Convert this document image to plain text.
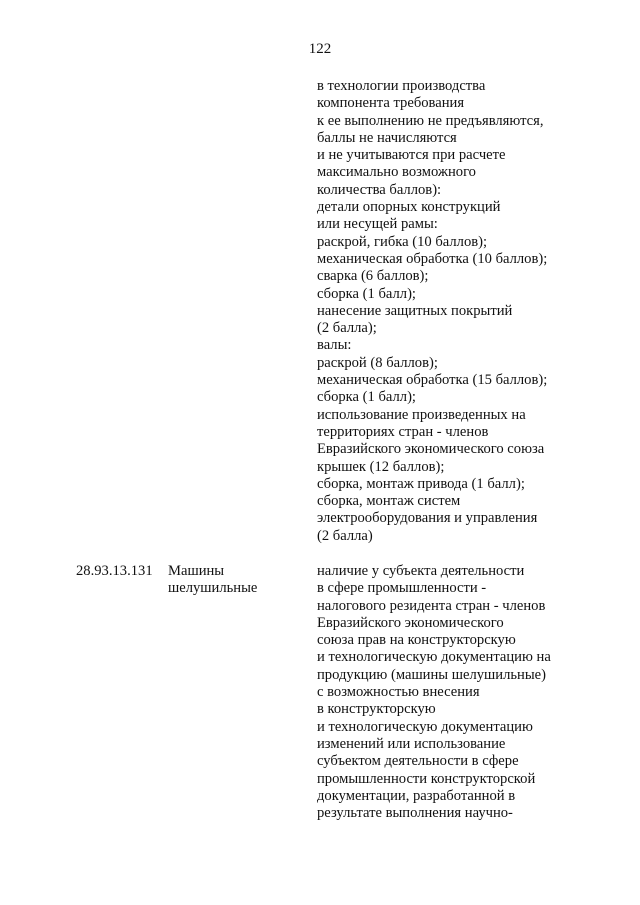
122
в технологии производства
компонента требования
к ее выполнению не предъявляются,
баллы не начисляются
и не учитываются при расчете
максимально возможного
количества баллов):
детали опорных конструкций
или несущей рамы:
раскрой, гибка (10 баллов);
механическая обработка (10 баллов);
сварка (6 баллов);
сборка (1 балл);
нанесение защитных покрытий
(2 балла);
валы:
раскрой (8 баллов);
механическая обработка (15 баллов);
сборка (1 балл);
использование произведенных на
территориях стран - членов
Евразийского экономического союза
крышек (12 баллов);
сборка, монтаж привода (1 балл);
сборка, монтаж систем
электрооборудования и управления
(2 балла)
28.93.13.131 Машины
шелушильные
наличие у субъекта деятельности
в сфере промышленности -
налогового резидента стран - членов
Евразийского экономического
союза прав на конструкторскую
и технологическую документацию на
продукцию (машины шелушильные)
с возможностью внесения
в конструкторскую
и технологическую документацию
изменений или использование
субъектом деятельности в сфере
промышленности конструкторской
документации, разработанной в
результате выполнения научно-
